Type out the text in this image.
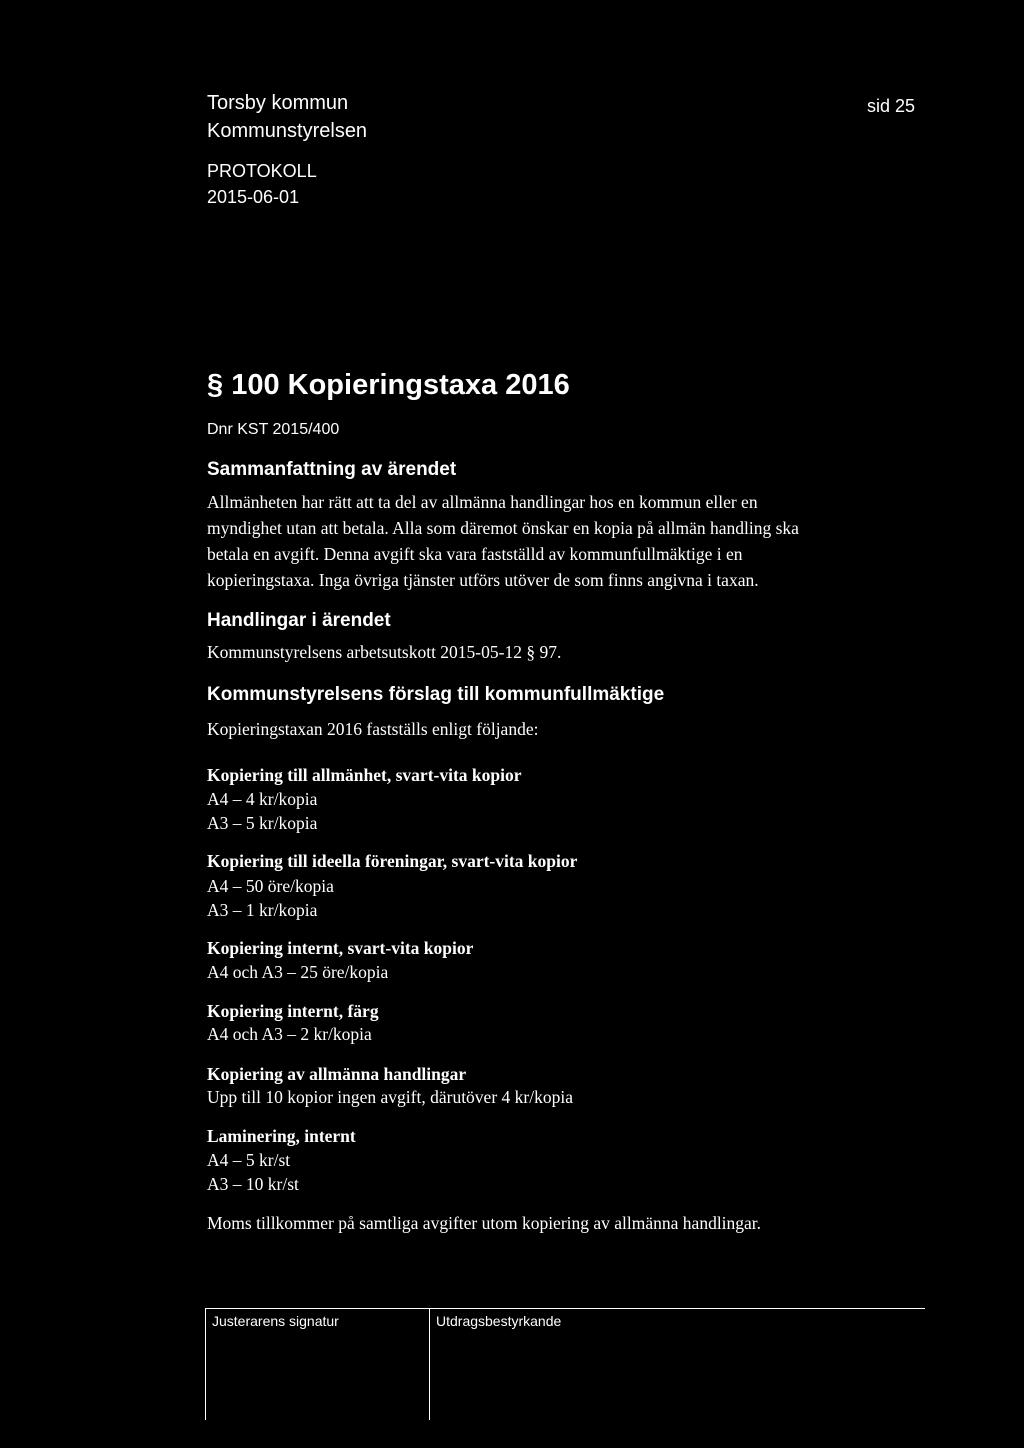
Torsby kommun
Kommunstyrelsen
PROTOKOLL
2015-06-01
sid 25
§ 100 Kopieringstaxa 2016
Dnr KST 2015/400
Sammanfattning av ärendet
Allmänheten har rätt att ta del av allmänna handlingar hos en kommun eller en
myndighet utan att betala. Alla som däremot önskar en kopia på allmän handling ska
betala en avgift. Denna avgift ska vara fastställd av kommunfullmäktige i en
kopieringstaxa. Inga övriga tjänster utförs utöver de som finns angivna i taxan.
Handlingar i ärendet
Kommunstyrelsens arbetsutskott 2015-05-12 § 97.
Kommunstyrelsens förslag till kommunfullmäktige
Kopieringstaxan 2016 fastställs enligt följande:
Kopiering till allmänhet, svart-vita kopior
A4 – 4 kr/kopia
A3 – 5 kr/kopia
Kopiering till ideella föreningar, svart-vita kopior
A4 – 50 öre/kopia
A3 – 1 kr/kopia
Kopiering internt, svart-vita kopior
A4 och A3 – 25 öre/kopia
Kopiering internt, färg
A4 och A3 – 2 kr/kopia
Kopiering av allmänna handlingar
Upp till 10 kopior ingen avgift, därutöver 4 kr/kopia
Laminering, internt
A4 – 5 kr/st
A3 – 10 kr/st
Moms tillkommer på samtliga avgifter utom kopiering av allmänna handlingar.
Justerarens signatur	Utdragsbestyrkande
